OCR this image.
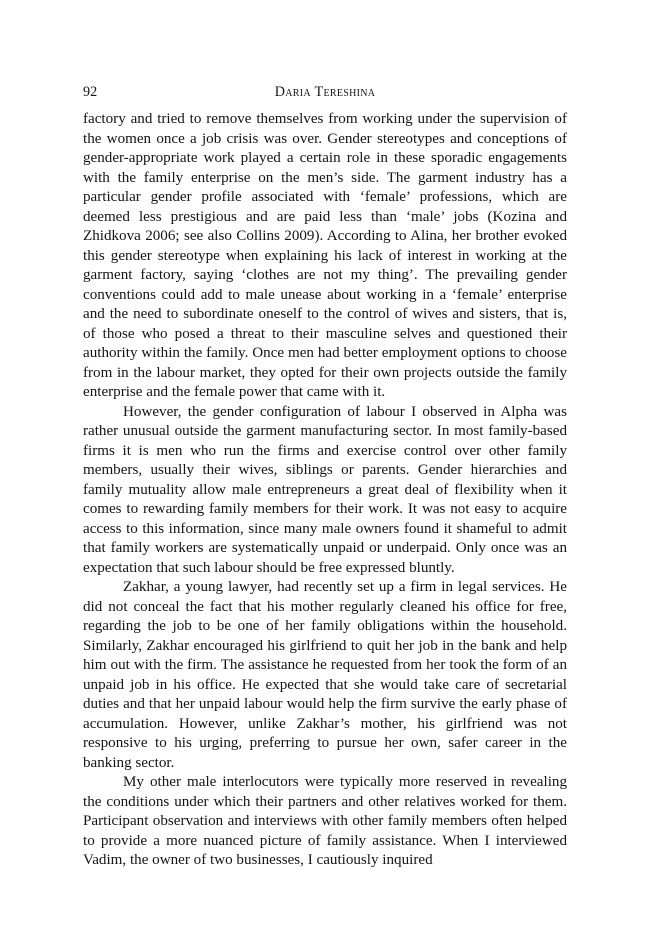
92	Daria Tereshina

factory and tried to remove themselves from working under the supervision of the women once a job crisis was over. Gender stereotypes and conceptions of gender-appropriate work played a certain role in these sporadic engagements with the family enterprise on the men’s side. The garment industry has a particular gender profile associated with ‘female’ professions, which are deemed less prestigious and are paid less than ‘male’ jobs (Kozina and Zhidkova 2006; see also Collins 2009). According to Alina, her brother evoked this gender stereotype when explaining his lack of interest in working at the garment factory, saying ‘clothes are not my thing’. The prevailing gender conventions could add to male unease about working in a ‘female’ enterprise and the need to subordinate oneself to the control of wives and sisters, that is, of those who posed a threat to their masculine selves and questioned their authority within the family. Once men had better employment options to choose from in the labour market, they opted for their own projects outside the family enterprise and the female power that came with it.

However, the gender configuration of labour I observed in Alpha was rather unusual outside the garment manufacturing sector. In most family-based firms it is men who run the firms and exercise control over other family members, usually their wives, siblings or parents. Gender hierarchies and family mutuality allow male entrepreneurs a great deal of flexibility when it comes to rewarding family members for their work. It was not easy to acquire access to this information, since many male owners found it shameful to admit that family workers are systematically unpaid or underpaid. Only once was an expectation that such labour should be free expressed bluntly.

Zakhar, a young lawyer, had recently set up a firm in legal services. He did not conceal the fact that his mother regularly cleaned his office for free, regarding the job to be one of her family obligations within the household. Similarly, Zakhar encouraged his girlfriend to quit her job in the bank and help him out with the firm. The assistance he requested from her took the form of an unpaid job in his office. He expected that she would take care of secretarial duties and that her unpaid labour would help the firm survive the early phase of accumulation. However, unlike Zakhar’s mother, his girlfriend was not responsive to his urging, preferring to pursue her own, safer career in the banking sector.

My other male interlocutors were typically more reserved in revealing the conditions under which their partners and other relatives worked for them. Participant observation and interviews with other family members often helped to provide a more nuanced picture of family assistance. When I interviewed Vadim, the owner of two businesses, I cautiously inquired
